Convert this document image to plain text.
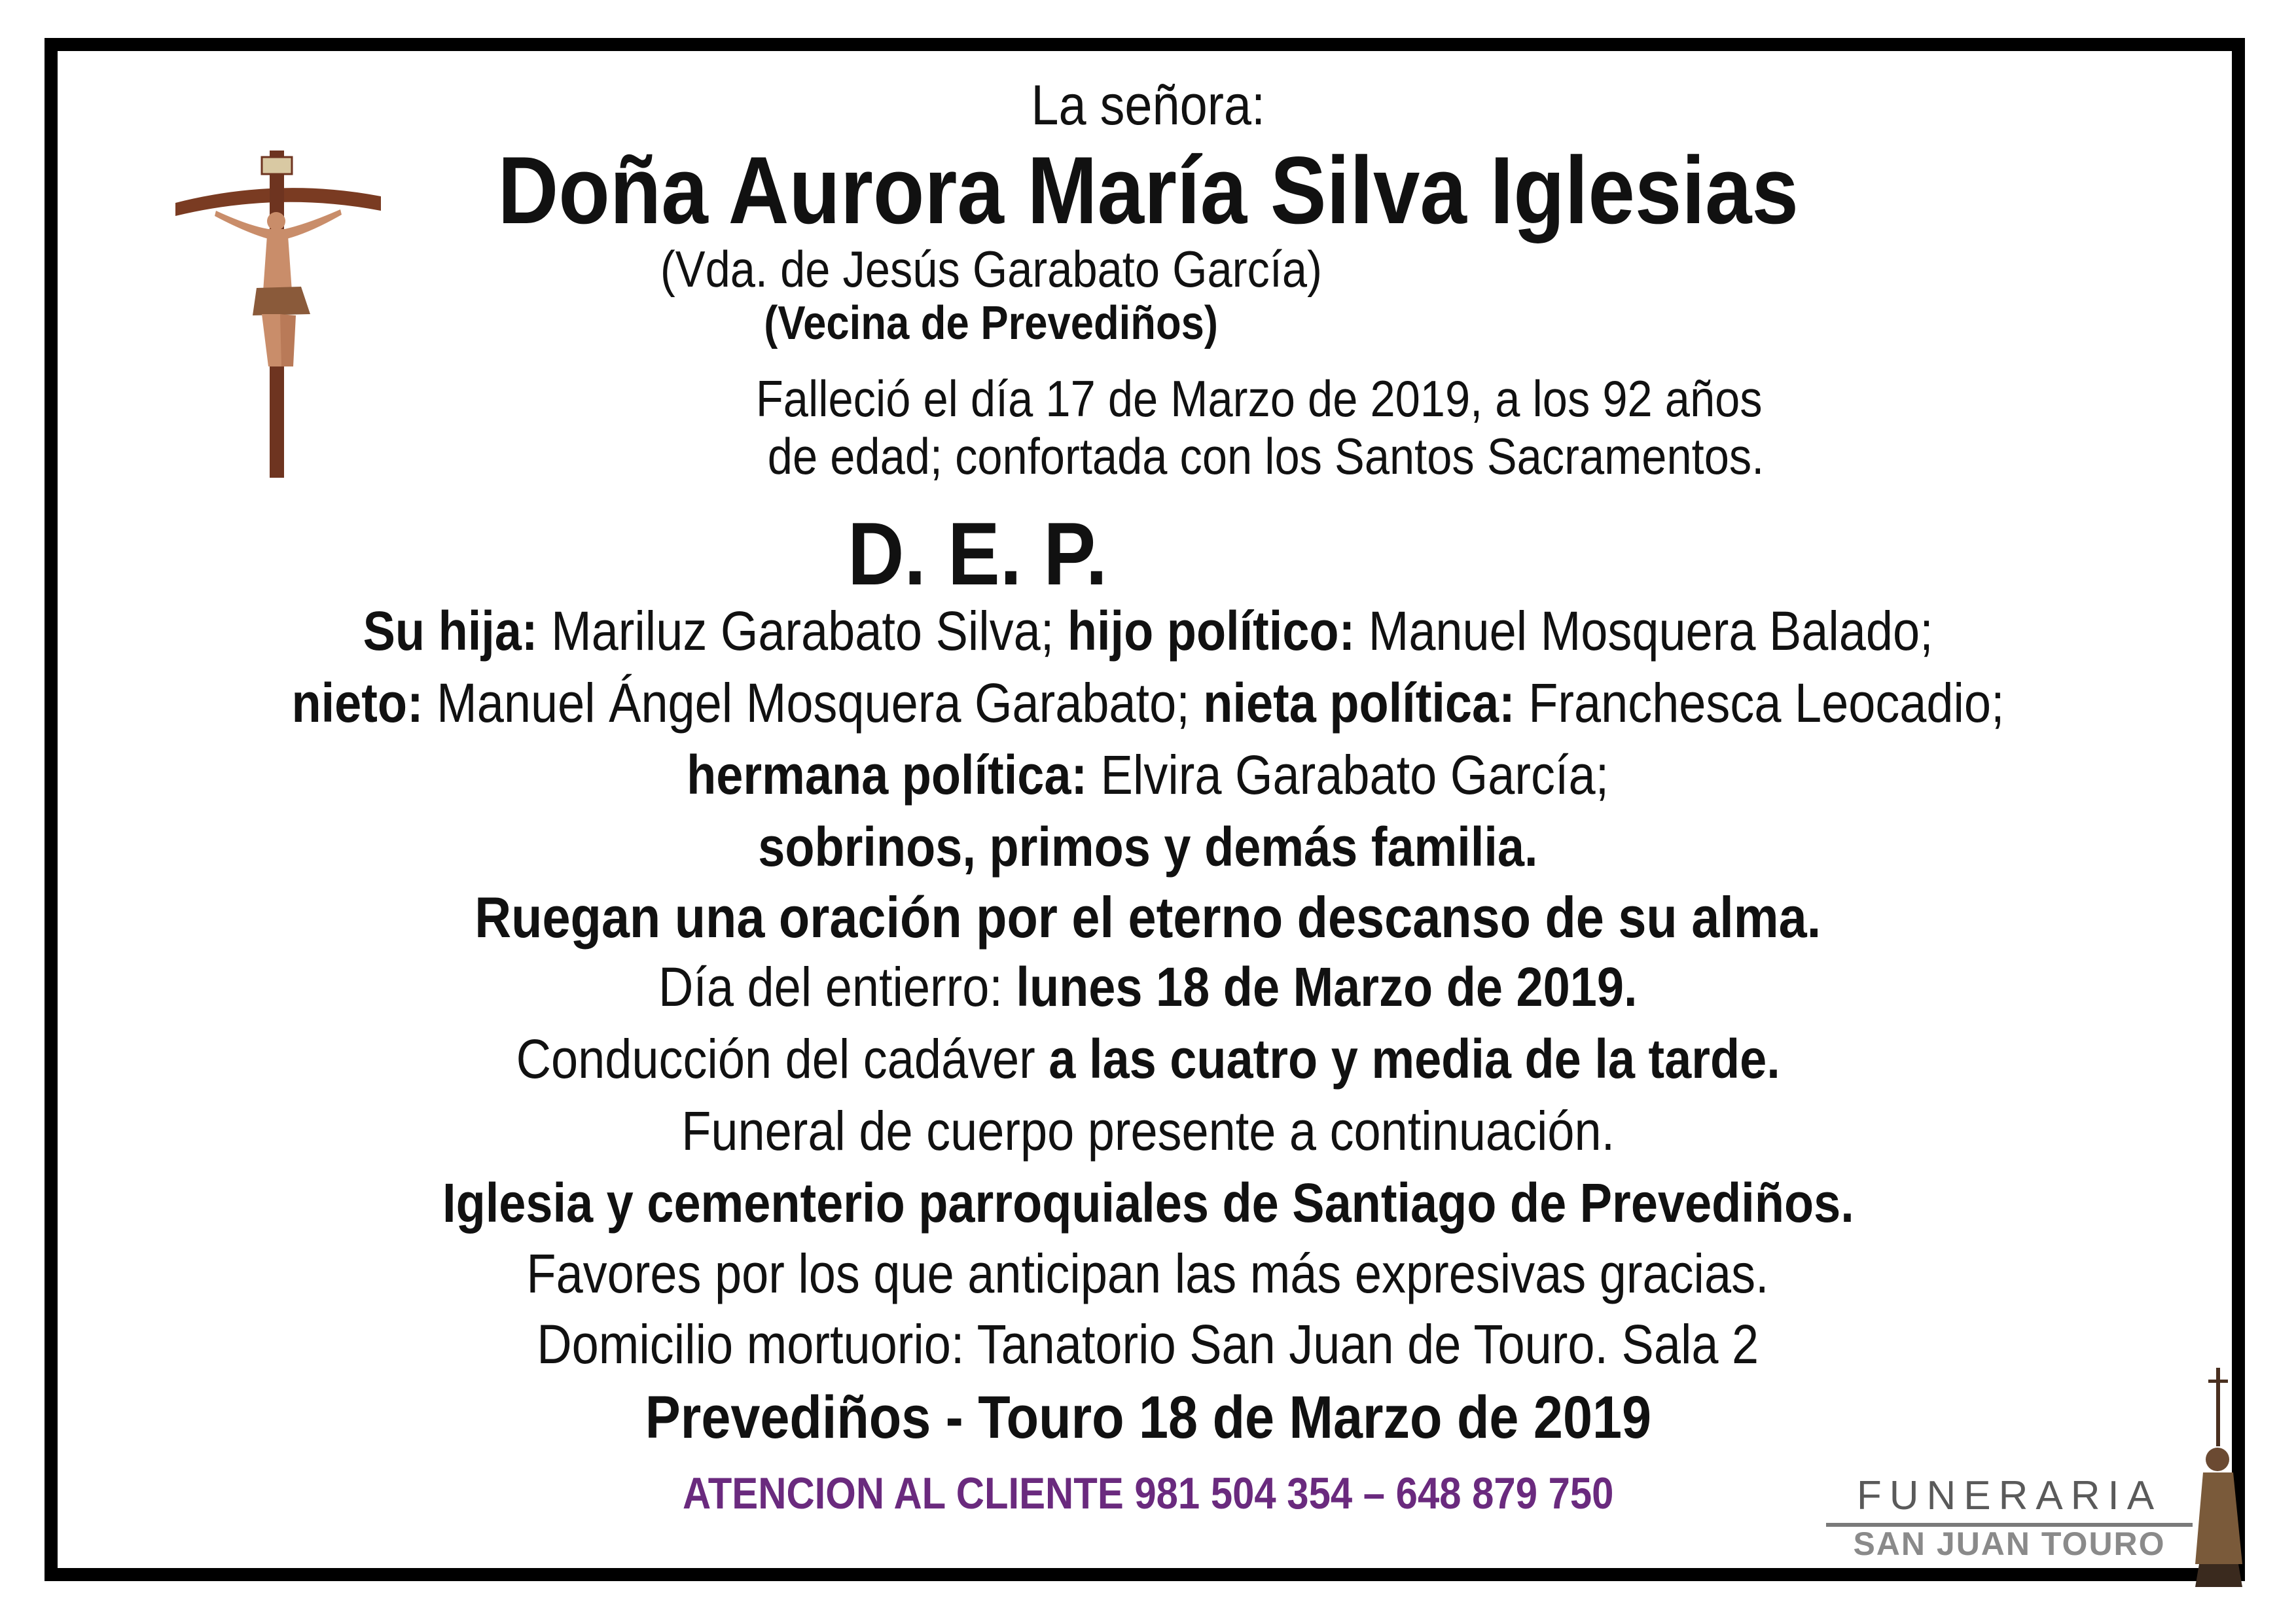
La señora:
Doña Aurora María Silva Iglesias
(Vda. de Jesús Garabato García)
(Vecina de Prevediños)
Falleció el día 17 de Marzo de 2019, a los 92 años
de edad; confortada con los Santos Sacramentos.
D. E. P.
Su hija: Mariluz Garabato Silva; hijo político: Manuel Mosquera Balado;
nieto: Manuel Ángel Mosquera Garabato; nieta política: Franchesca Leocadio;
hermana política: Elvira Garabato García;
sobrinos, primos y demás familia.
Ruegan una oración por el eterno descanso de su alma.
Día del entierro: lunes 18 de Marzo de 2019.
Conducción del cadáver a las cuatro y media de la tarde.
Funeral de cuerpo presente a continuación.
Iglesia y cementerio parroquiales de Santiago de Prevediños.
Favores por los que anticipan las más expresivas gracias.
Domicilio mortuorio: Tanatorio San Juan de Touro. Sala 2
Prevediños - Touro 18 de Marzo de 2019
ATENCION AL CLIENTE 981 504 354 – 648 879 750	FUNERARIA
SAN JUAN TOURO
